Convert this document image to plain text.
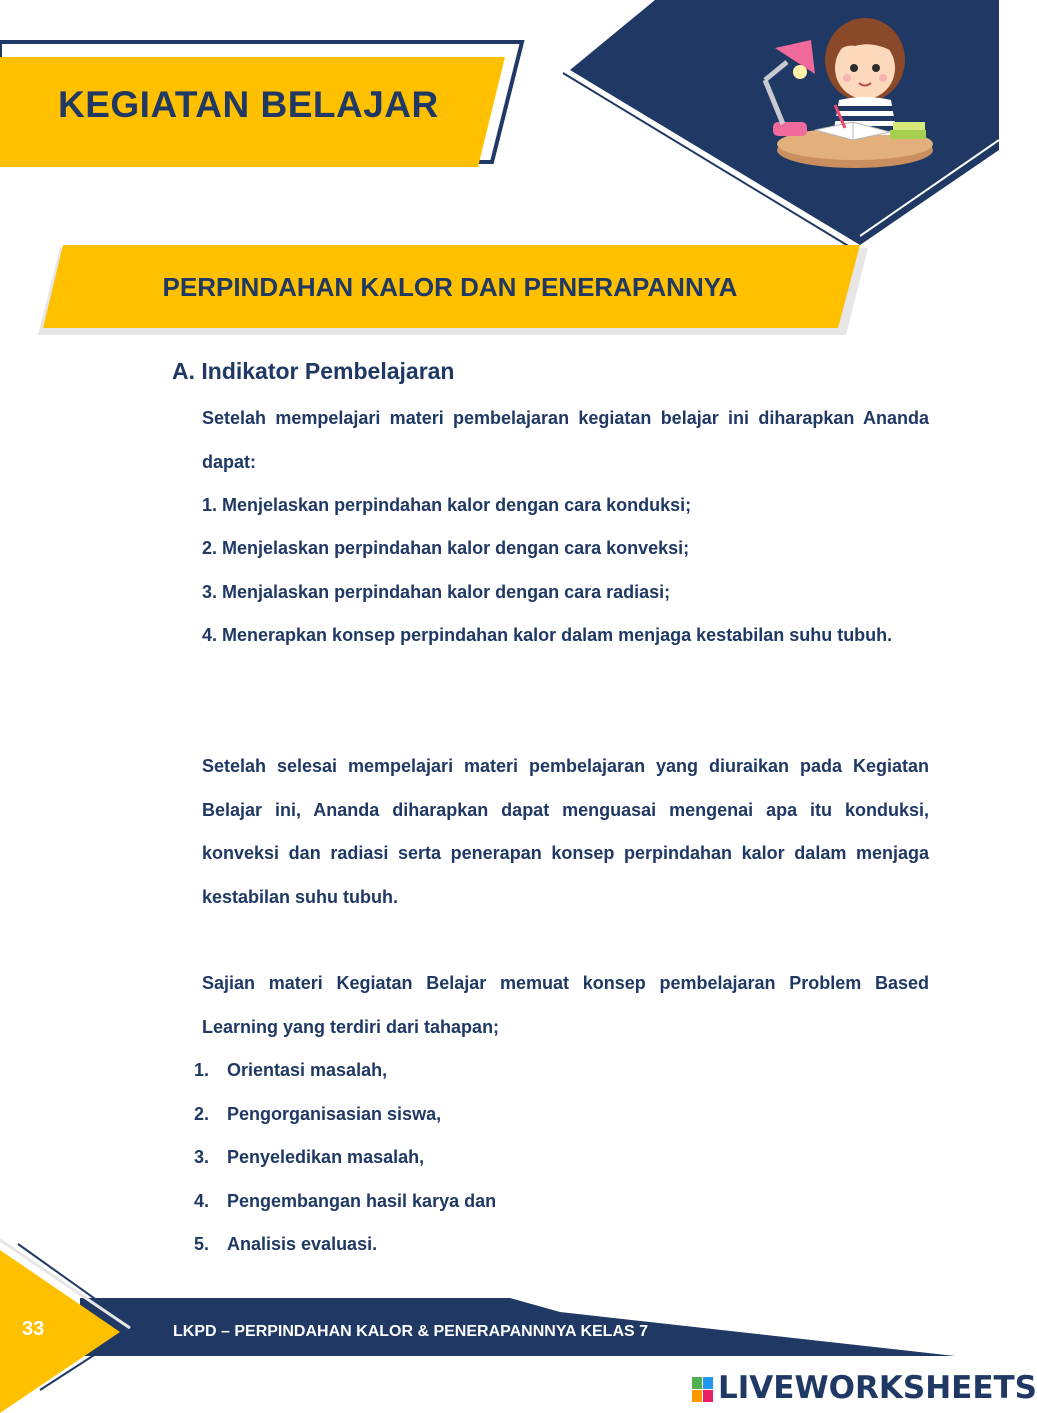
KEGIATAN BELAJAR
PERPINDAHAN KALOR DAN PENERAPANNYA
A. Indikator Pembelajaran

Setelah mempelajari materi pembelajaran kegiatan belajar ini diharapkan Ananda dapat:

1. Menjelaskan perpindahan kalor dengan cara konduksi;
2. Menjelaskan perpindahan kalor dengan cara konveksi;
3. Menjalaskan perpindahan kalor dengan cara radiasi;
4. Menerapkan konsep perpindahan kalor dalam menjaga kestabilan suhu tubuh.

Setelah selesai mempelajari materi pembelajaran yang diuraikan pada Kegiatan Belajar ini, Ananda diharapkan dapat menguasai mengenai apa itu konduksi, konveksi dan radiasi serta penerapan konsep perpindahan kalor dalam menjaga kestabilan suhu tubuh.

Sajian materi Kegiatan Belajar memuat konsep pembelajaran Problem Based Learning yang terdiri dari tahapan;

1. Orientasi masalah,
2. Pengorganisasian siswa,
3. Penyeledikan masalah,
4. Pengembangan hasil karya dan
5. Analisis evaluasi.
33	LKPD – PERPINDAHAN KALOR & PENERAPANNNYA KELAS 7
LIVEWORKSHEETS
